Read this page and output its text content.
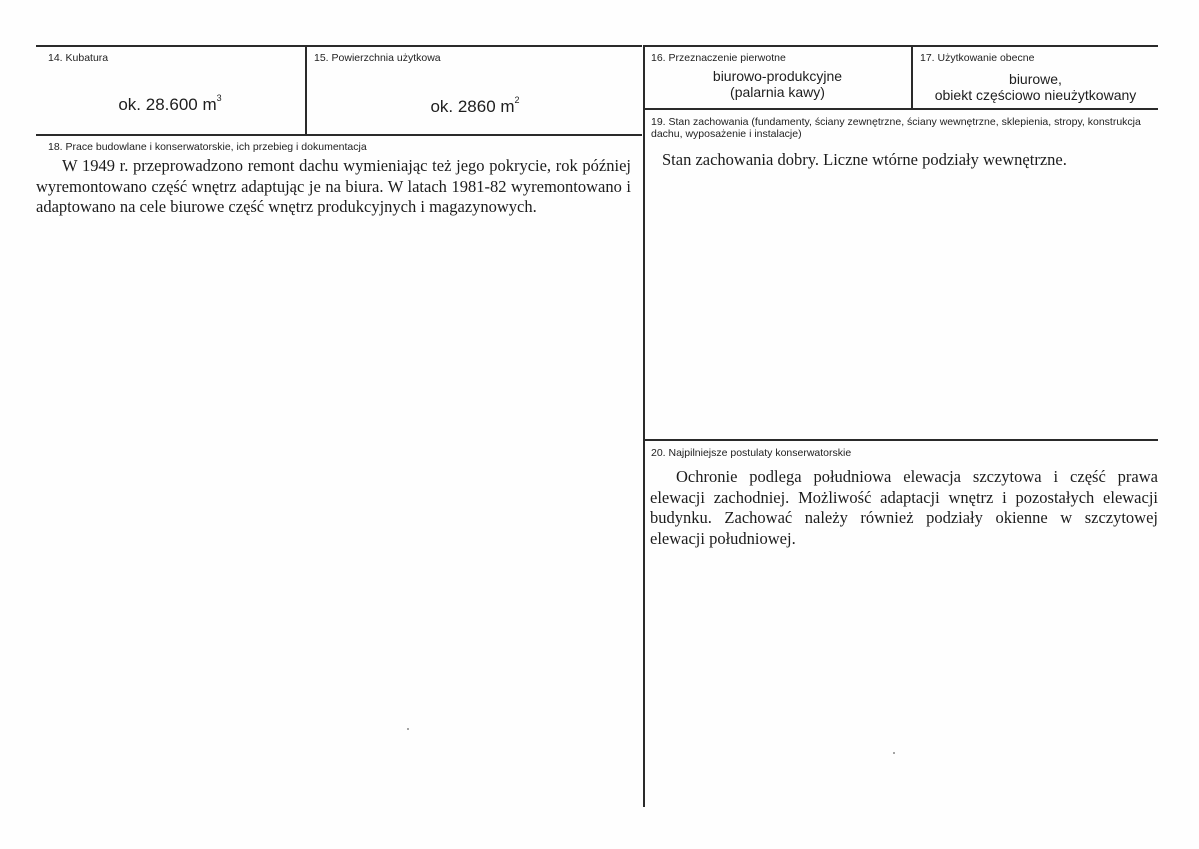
14. Kubatura
ok. 28.600 $m^3$
15. Powierzchnia użytkowa
ok. 2860 $m^2$
16. Przeznaczenie pierwotne
biurowo-produkcyjne
(palarnia kawy)
17. Użytkowanie obecne
biurowe,
obiekt częściowo nieużytkowany
18. Prace budowlane i konserwatorskie, ich przebieg i dokumentacja

W 1949 r. przeprowadzono remont dachu wymieniając też jego pokrycie, rok później wyremontowano część wnętrz adaptując je na biura. W latach 1981-82 wyremontowano i adaptowano na cele biurowe część wnętrz produkcyjnych i magazynowych.

19. Stan zachowania (fundamenty, ściany zewnętrzne, ściany wewnętrzne, sklepienia, stropy, konstrukcja dachu, wyposażenie i instalacje)

Stan zachowania dobry. Liczne wtórne podziały wewnętrzne.

20. Najpilniejsze postulaty konserwatorskie

Ochronie podlega południowa elewacja szczytowa i część prawa elewacji zachodniej. Możliwość adaptacji wnętrz i pozostałych elewacji budynku. Zachować należy również podziały okienne w szczytowej elewacji południowej.
